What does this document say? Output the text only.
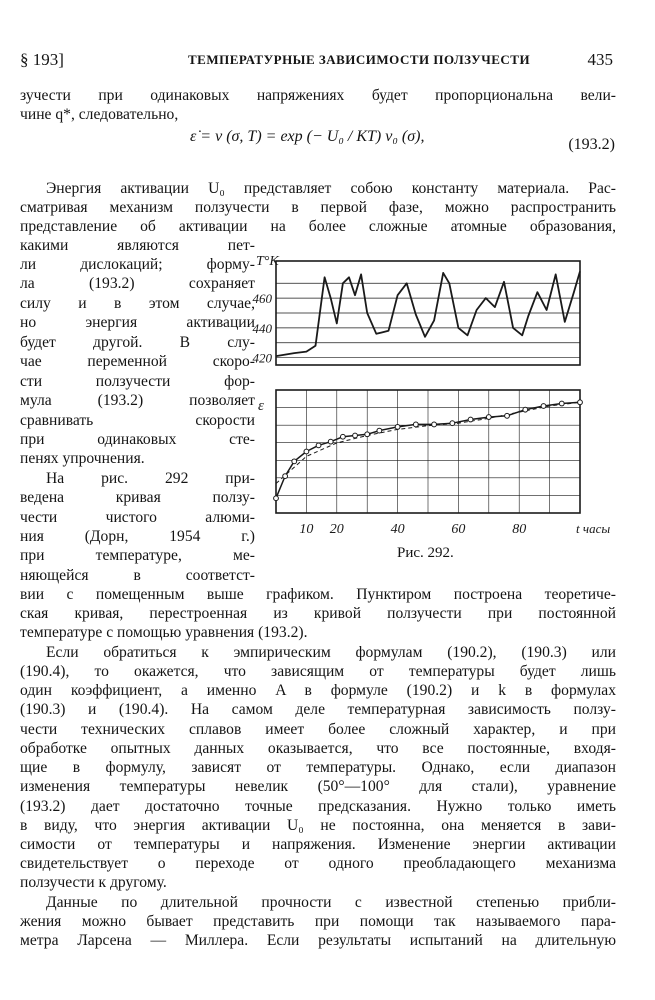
§ 193]	ТЕМПЕРАТУРНЫЕ ЗАВИСИМОСТИ ПОЛЗУЧЕСТИ	435
зучести при одинаковых напряжениях будет пропорциональна вели-
чине q*, следовательно,
ε̇ = v (σ, T) = exp (− U₀ / KT) v₀ (σ),	(193.2)
Энергия активации U₀ представляет собою константу материала. Рас-
сматривая механизм ползучести в первой фазе, можно распространить
представление об активации на более сложные атомные образования,
какими являются пет-
ли дислокаций; форму-
ла (193.2) сохраняет
силу и в этом случае,
но энергия активации
будет другой. В слу-
чае переменной скоро-
сти ползучести фор-
мула (193.2) позволяет
сравнивать скорости
при одинаковых сте-
пенях упрочнения.
На рис. 292 при-
ведена кривая ползу-
чести чистого алюми-
ния (Дорн, 1954 г.)
при температуре, ме-
няющейся в соответст-
вии с помещенным выше графиком. Пунктиром построена теоретиче-
ская кривая, перестроенная из кривой ползучести при постоянной
температуре с помощью уравнения (193.2).
Если обратиться к эмпирическим формулам (190.2), (190.3) или
(190.4), то окажется, что зависящим от температуры будет лишь
один коэффициент, а именно A в формуле (190.2) и k в формулах
(190.3) и (190.4). На самом деле температурная зависимость ползу-
чести технических сплавов имеет более сложный характер, и при
обработке опытных данных оказывается, что все постоянные, входя-
щие в формулу, зависят от температуры. Однако, если диапазон
изменения температуры невелик (50°—100° для стали), уравнение
(193.2) дает достаточно точные предсказания. Нужно только иметь
в виду, что энергия активации U₀ не постоянна, она меняется в зави-
симости от температуры и напряжения. Изменение энергии активации
свидетельствует о переходе от одного преобладающего механизма
ползучести к другому.
Данные по длительной прочности с известной степенью прибли-
жения можно бывает представить при помощи так называемого пара-
метра Ларсена — Миллера. Если результаты испытаний на длительную
420
440
460
T°K
ε
10 20	40	60	80	t часы
Рис. 292.
